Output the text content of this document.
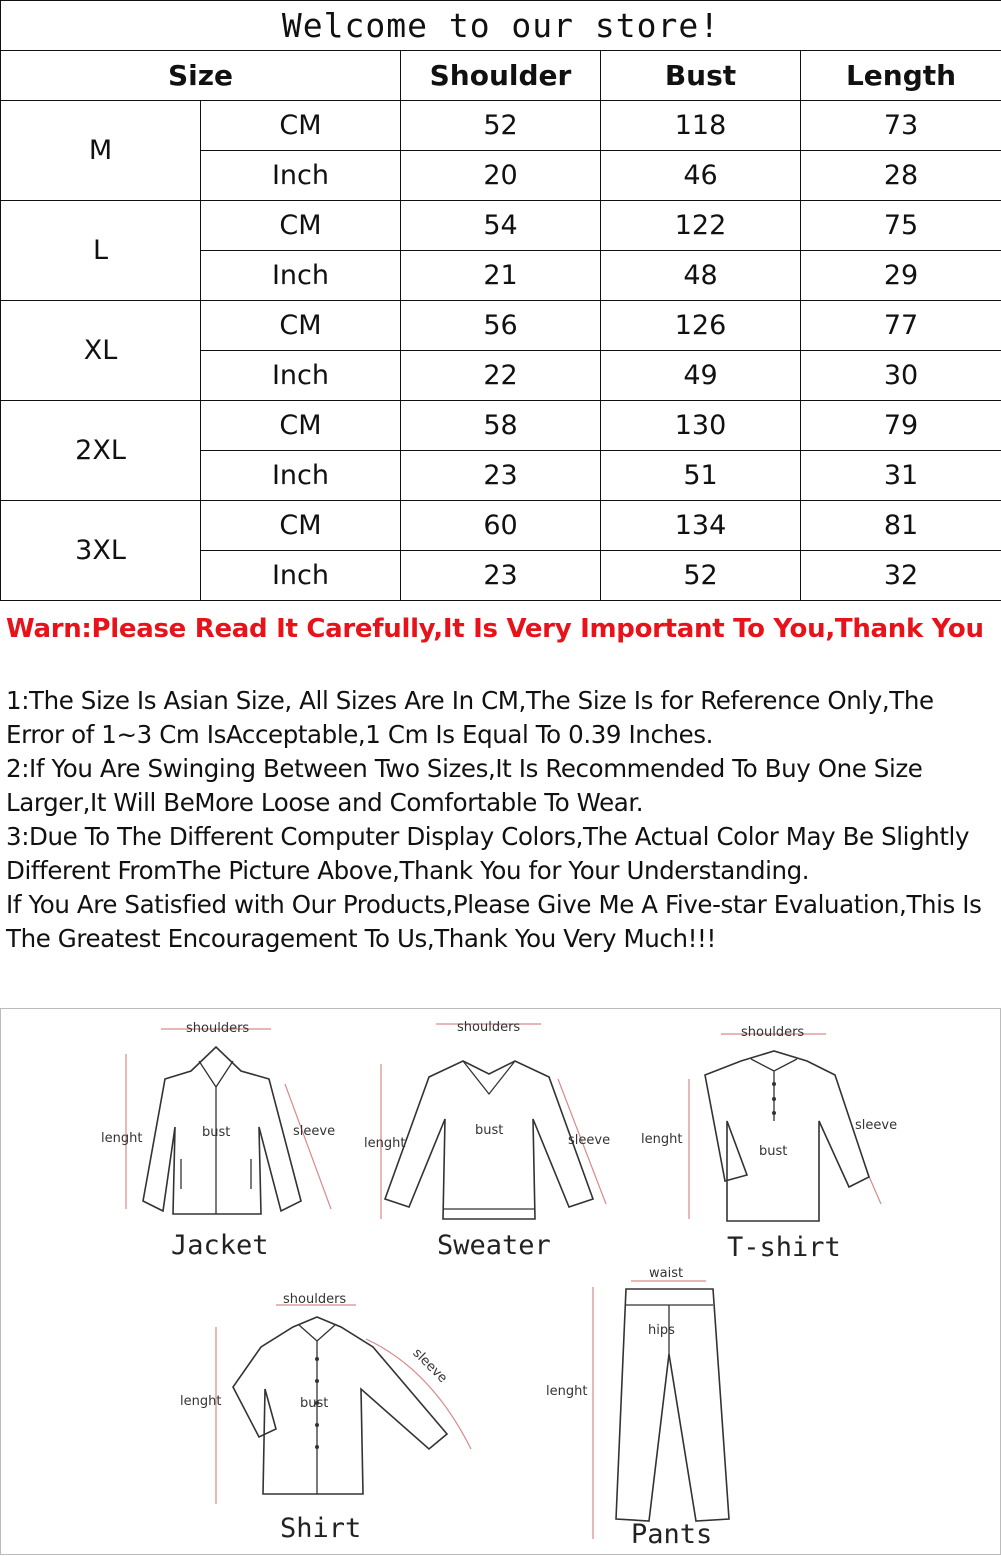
Welcome to our store!				
Size		Shoulder	Bust	Length
M	CM	52	118	73
	Inch	20	46	28
L	CM	54	122	75
	Inch	21	48	29
XL	CM	56	126	77
	Inch	22	49	30
2XL	CM	58	130	79
	Inch	23	51	31
3XL	CM	60	134	81
	Inch	23	52	32
Warn:Please Read It Carefully,It Is Very Important To You,Thank You

1:The Size Is Asian Size, All Sizes Are In CM,The Size Is for Reference Only,The Error of 1~3 Cm IsAcceptable,1 Cm Is Equal To 0.39 Inches.

2:If You Are Swinging Between Two Sizes,It Is Recommended To Buy One Size Larger,It Will BeMore Loose and Comfortable To Wear.

3:Due To The Different Computer Display Colors,The Actual Color May Be Slightly Different FromThe Picture Above,Thank You for Your Understanding.

If You Are Satisfied with Our Products,Please Give Me A Five-star Evaluation,This Is The Greatest Encouragement To Us,Thank You Very Much!!!

shoulders
lenght	bust	sleeve
Jacket
shoulders
lenght
bust
sleeve
Sweater
shoulders
lenght
bust
sleeve
T-shirt
shoulders
lenght	bust
sleeve
Shirt
waist
hips
lenght
Pants
